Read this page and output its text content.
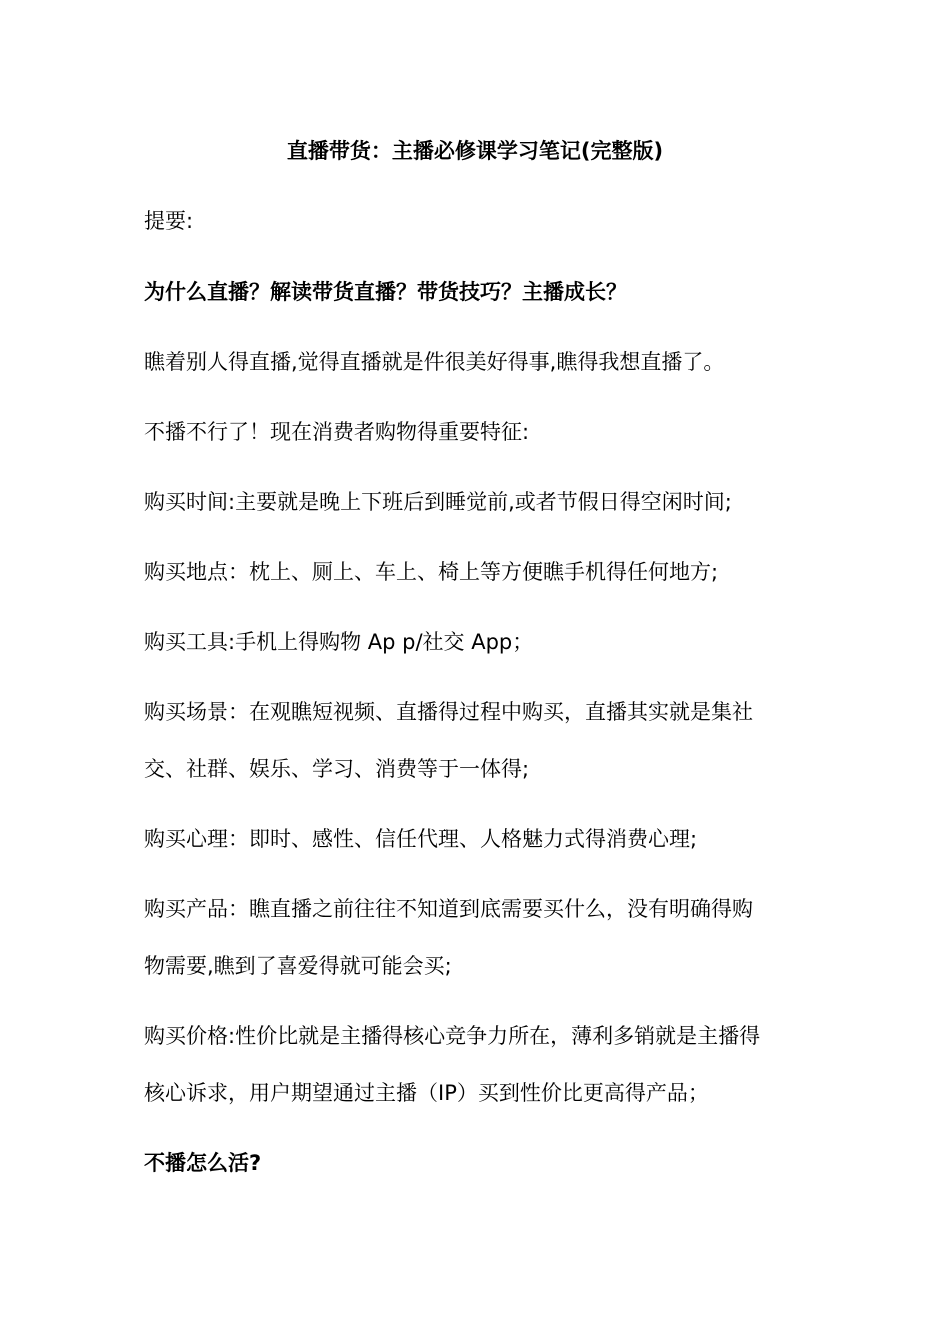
直播带货：主播必修课学习笔记(完整版)
提要:
为什么直播？解读带货直播？带货技巧？主播成长？
瞧着别人得直播,觉得直播就是件很美好得事,瞧得我想直播了。
不播不行了！现在消费者购物得重要特征:
购买时间:主要就是晚上下班后到睡觉前,或者节假日得空闲时间;
购买地点：枕上、厕上、车上、椅上等方便瞧手机得任何地方;
购买工具:手机上得购物 Ap p/社交 App；
购买场景：在观瞧短视频、直播得过程中购买，直播其实就是集社
交、社群、娱乐、学习、消费等于一体得;
购买心理：即时、感性、信任代理、人格魅力式得消费心理;
购买产品：瞧直播之前往往不知道到底需要买什么，没有明确得购
物需要,瞧到了喜爱得就可能会买;
购买价格:性价比就是主播得核心竞争力所在，薄利多销就是主播得
核心诉求，用户期望通过主播（IP）买到性价比更高得产品；
不播怎么活?
